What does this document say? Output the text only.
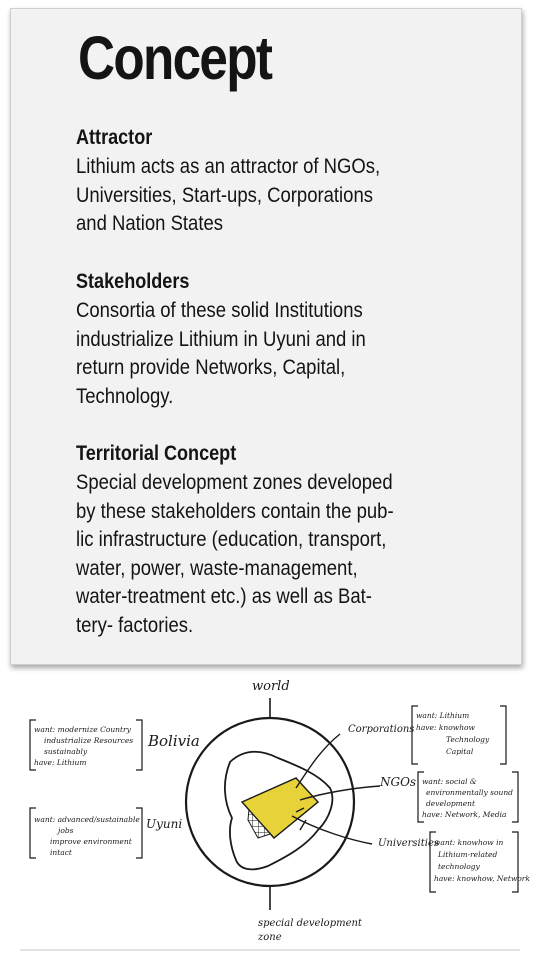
Concept

Attractor

Lithium acts as an attractor of NGOs,

Universities, Start-ups, Corporations

and Nation States

Stakeholders

Consortia of these solid Institutions

industrialize Lithium in Uyuni and in

return provide Networks, Capital,

Technology.

Territorial Concept

Special development zones developed

by these stakeholders contain the pub-

lic infrastructure (education, transport,

water, power, waste-management,

water-treatment etc.) as well as Bat-

tery- factories.

world
special development
zone
Bolivia
Uyuni
Corporations
NGOs
Universities
want: modernize Country
industrialize Resources
sustainably
have: Lithium
want: advanced/sustainable
jobs
improve environment
intact
want: Lithium
have: knowhow
Technology
Capital
want: social &
environmentally sound
development
have: Network, Media
want: knowhow in
Lithium-related
technology
have: knowhow, Network
